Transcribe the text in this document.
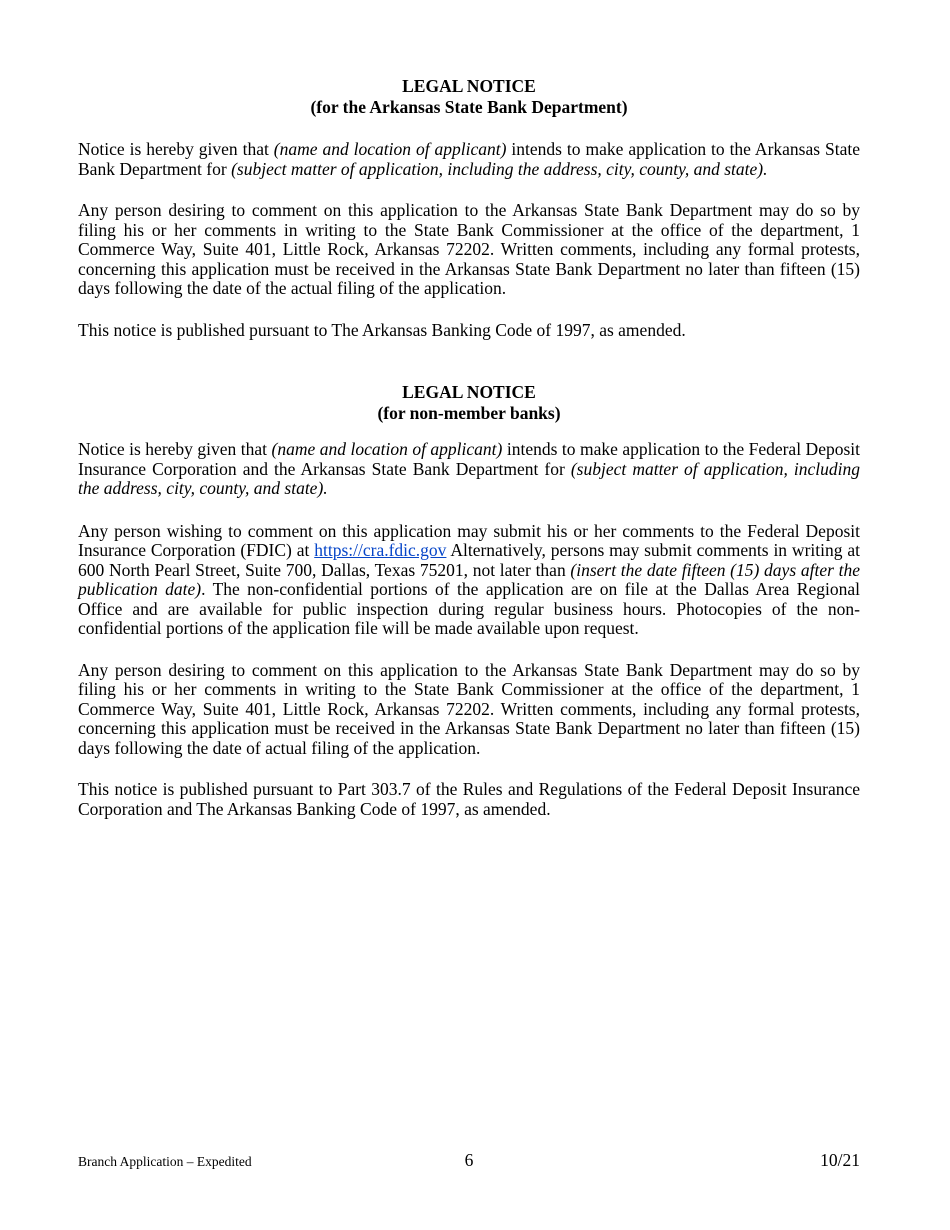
LEGAL NOTICE
(for the Arkansas State Bank Department)

Notice is hereby given that (name and location of applicant) intends to make application to the Arkansas State Bank Department for (subject matter of application, including the address, city, county, and state).

Any person desiring to comment on this application to the Arkansas State Bank Department may do so by filing his or her comments in writing to the State Bank Commissioner at the office of the department, 1 Commerce Way, Suite 401, Little Rock, Arkansas 72202. Written comments, including any formal protests, concerning this application must be received in the Arkansas State Bank Department no later than fifteen (15) days following the date of the actual filing of the application.

This notice is published pursuant to The Arkansas Banking Code of 1997, as amended.

LEGAL NOTICE
(for non-member banks)

Notice is hereby given that (name and location of applicant) intends to make application to the Federal Deposit Insurance Corporation and the Arkansas State Bank Department for (subject matter of application, including the address, city, county, and state).

Any person wishing to comment on this application may submit his or her comments to the Federal Deposit Insurance Corporation (FDIC) at https://cra.fdic.gov Alternatively, persons may submit comments in writing at 600 North Pearl Street, Suite 700, Dallas, Texas 75201, not later than (insert the date fifteen (15) days after the publication date). The non-confidential portions of the application are on file at the Dallas Area Regional Office and are available for public inspection during regular business hours. Photocopies of the non-confidential portions of the application file will be made available upon request.

Any person desiring to comment on this application to the Arkansas State Bank Department may do so by filing his or her comments in writing to the State Bank Commissioner at the office of the department, 1 Commerce Way, Suite 401, Little Rock, Arkansas 72202. Written comments, including any formal protests, concerning this application must be received in the Arkansas State Bank Department no later than fifteen (15) days following the date of actual filing of the application.

This notice is published pursuant to Part 303.7 of the Rules and Regulations of the Federal Deposit Insurance Corporation and The Arkansas Banking Code of 1997, as amended.

Branch Application – Expedited	6	10/21
